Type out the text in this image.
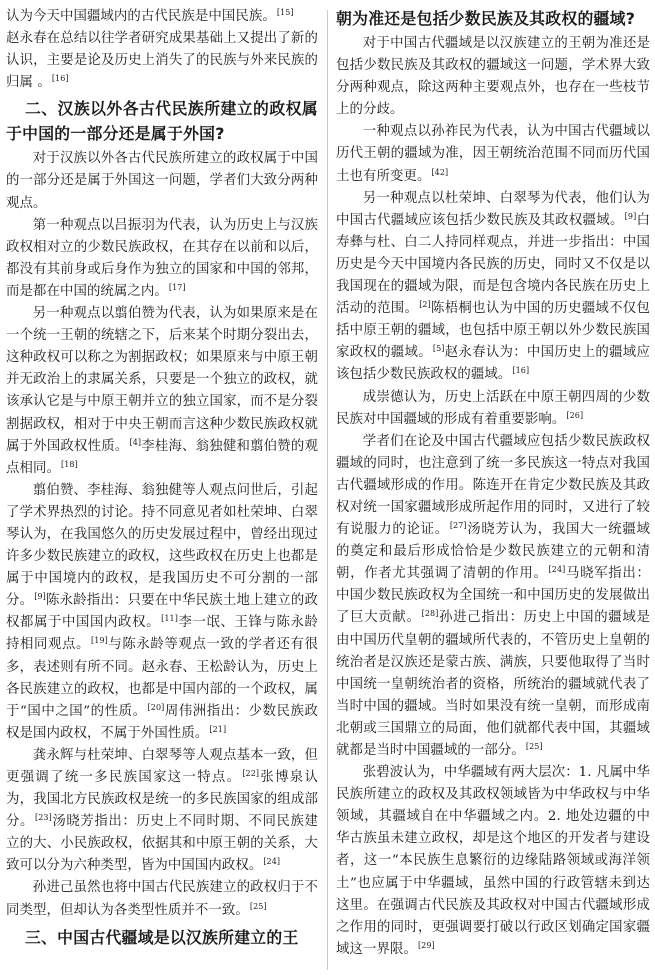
认为今天中国疆域内的古代民族是中国民族。[15]

赵永春在总结以往学者研究成果基础上又提出了新的认识，主要是论及历史上消失了的民族与外来民族的归属 。[16]

二、汉族以外各古代民族所建立的政权属于中国的一部分还是属于外国?

对于汉族以外各古代民族所建立的政权属于中国的一部分还是属于外国这一问题，学者们大致分两种观点。

第一种观点以吕振羽为代表，认为历史上与汉族政权相对立的少数民族政权，在其存在以前和以后，都没有其前身或后身作为独立的国家和中国的邻邦，而是都在中国的统属之内。[17]

另一种观点以翦伯赞为代表，认为如果原来是在一个统一王朝的统辖之下，后来某个时期分裂出去，这种政权可以称之为割据政权；如果原来与中原王朝并无政治上的隶属关系，只要是一个独立的政权，就该承认它是与中原王朝并立的独立国家，而不是分裂割据政权，相对于中央王朝而言这种少数民族政权就属于外国政权性质。[4]李桂海、翁独健和翦伯赞的观点相同。[18]

翦伯赞、李桂海、翁独健等人观点问世后，引起了学术界热烈的讨论。持不同意见者如杜荣坤、白翠琴认为，在我国悠久的历史发展过程中，曾经出现过许多少数民族建立的政权，这些政权在历史上也都是属于中国境内的政权，是我国历史不可分割的一部分。[9]陈永龄指出：只要在中华民族土地上建立的政权都属于中国国内政权。[11]李一氓、王锋与陈永龄持相同观点。[19]与陈永龄等观点一致的学者还有很多，表述则有所不同。赵永春、王松龄认为，历史上各民族建立的政权，也都是中国内部的一个政权，属于“国中之国”的性质。[20]周伟洲指出：少数民族政权是国内政权，不属于外国性质。[21]

龚永辉与杜荣坤、白翠琴等人观点基本一致，但更强调了统一多民族国家这一特点。[22]张博泉认为，我国北方民族政权是统一的多民族国家的组成部分。[23]汤晓芳指出：历史上不同时期、不同民族建立的大、小民族政权，依据其和中原王朝的关系，大致可以分为六种类型，皆为中国国内政权。[24]

孙进己虽然也将中国古代民族建立的政权归于不同类型，但却认为各类型性质并不一致。[25]

三、中国古代疆域是以汉族所建立的王
朝为准还是包括少数民族及其政权的疆域?

对于中国古代疆域是以汉族建立的王朝为准还是包括少数民族及其政权的疆域这一问题，学术界大致分两种观点，除这两种主要观点外，也存在一些枝节上的分歧。

一种观点以孙祚民为代表，认为中国古代疆域以历代王朝的疆域为准，因王朝统治范围不同而历代国土也有所变更。[42]

另一种观点以杜荣坤、白翠琴为代表，他们认为中国古代疆域应该包括少数民族及其政权疆域。[9]白寿彝与杜、白二人持同样观点，并进一步指出：中国历史是今天中国境内各民族的历史，同时又不仅是以我国现在的疆域为限，而是包含境内各民族在历史上活动的范围。[2]陈梧桐也认为中国的历史疆域不仅包括中原王朝的疆域，也包括中原王朝以外少数民族国家政权的疆域。[5]赵永春认为：中国历史上的疆域应该包括少数民族政权的疆域。[16]

成崇德认为，历史上活跃在中原王朝四周的少数民族对中国疆域的形成有着重要影响。[26]

学者们在论及中国古代疆域应包括少数民族政权疆域的同时，也注意到了统一多民族这一特点对我国古代疆域形成的作用。陈连开在肯定少数民族及其政权对统一国家疆域形成所起作用的同时，又进行了较有说服力的论证。[27]汤晓芳认为，我国大一统疆域的奠定和最后形成恰恰是少数民族建立的元朝和清朝，作者尤其强调了清朝的作用。[24]马晓军指出：中国少数民族政权为全国统一和中国历史的发展做出了巨大贡献。[28]孙进己指出：历史上中国的疆域是由中国历代皇朝的疆域所代表的，不管历史上皇朝的统治者是汉族还是蒙古族、满族，只要他取得了当时中国统一皇朝统治者的资格，所统治的疆域就代表了当时中国的疆域。当时如果没有统一皇朝，而形成南北朝或三国鼎立的局面，他们就都代表中国，其疆域就都是当时中国疆域的一部分。[25]

张碧波认为，中华疆域有两大层次：1. 凡属中华民族所建立的政权及其政权领域皆为中华政权与中华领域，其疆域自在中华疆域之内。2. 地处边疆的中华古族虽未建立政权，却是这个地区的开发者与建设者，这一“本民族生息繁衍的边缘陆路领域或海洋领土”也应属于中华疆域，虽然中国的行政管辖未到达这里。在强调古代民族及其政权对中国古代疆域形成之作用的同时，更强调要打破以行政区划确定国家疆域这一界限。[29]
